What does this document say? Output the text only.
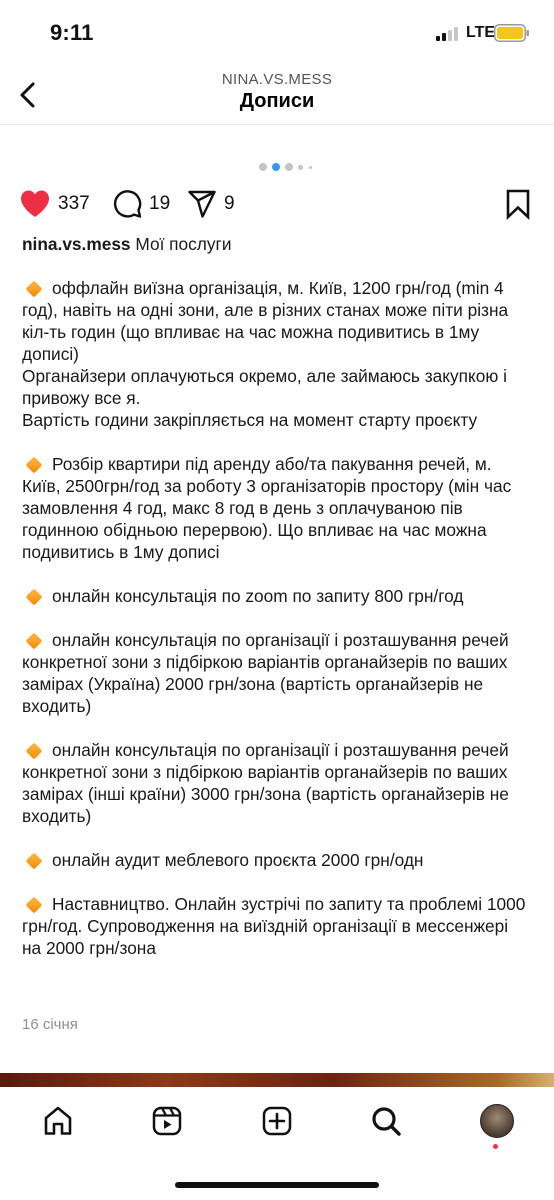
9:11	LTE
NINA.VS.MESS
Дописи
337	19	9
nina.vs.mess Мої послуги
оффлайн виїзна організація, м. Київ, 1200 грн/год (min 4 год), навіть на одні зони, але в різних станах може піти різна кіл-ть годин (що впливає на час можна подивитись в 1му дописі)
Органайзери оплачуються окремо, але займаюсь закупкою і привожу все я.
Вартість години закріпляється на момент старту проєкту
Розбір квартири під аренду або/та пакування речей, м. Київ, 2500грн/год за роботу 3 організаторів простору (мін час замовлення 4 год, макс 8 год в день з оплачуваною пів годинною обідньою перервою). Що впливає на час можна подивитись в 1му дописі
онлайн консультація по zoom по запиту 800 грн/год
онлайн консультація по організації і розташування речей конкретної зони з підбіркою варіантів органайзерів по ваших замірах (Україна) 2000 грн/зона (вартість органайзерів не входить)
онлайн консультація по організації і розташування речей конкретної зони з підбіркою варіантів органайзерів по ваших замірах (інші країни) 3000 грн/зона (вартість органайзерів не входить)
онлайн аудит меблевого проєкта 2000 грн/одн
Наставництво. Онлайн зустрічі по запиту та проблемі 1000 грн/год. Супроводження на виїздній організації в мессенжері на 2000 грн/зона
16 січня
